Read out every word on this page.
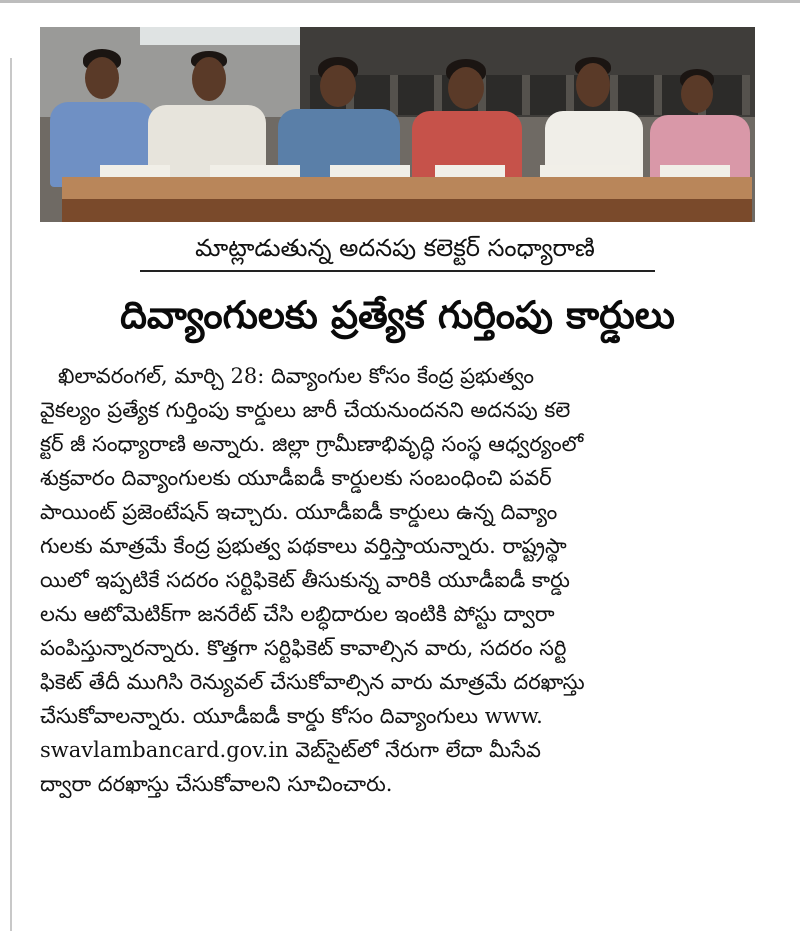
మాట్లాడుతున్న అదనపు కలెక్టర్ సంధ్యారాణి
దివ్యాంగులకు ప్రత్యేక గుర్తింపు కార్డులు
ఖిలావరంగల్, మార్చి 28: దివ్యాంగుల కోసం కేంద్ర ప్రభుత్వం
వైకల్యం ప్రత్యేక గుర్తింపు కార్డులు జారీ చేయనుందనని అదనపు కలె
క్టర్ జీ సంధ్యారాణి అన్నారు. జిల్లా గ్రామీణాభివృద్ధి సంస్థ ఆధ్వర్యంలో
శుక్రవారం దివ్యాంగులకు యూడీఐడీ కార్డులకు సంబంధించి పవర్
పాయింట్ ప్రజెంటేషన్ ఇచ్చారు. యూడీఐడీ కార్డులు ఉన్న దివ్యాం
గులకు మాత్రమే కేంద్ర ప్రభుత్వ పథకాలు వర్తిస్తాయన్నారు. రాష్ట్రస్థా
యిలో ఇప్పటికే సదరం సర్టిఫికెట్ తీసుకున్న వారికి యూడీఐడీ కార్డు
లను ఆటోమెటిక్‌గా జనరేట్ చేసి లబ్ధిదారుల ఇంటికి పోస్టు ద్వారా
పంపిస్తున్నారన్నారు. కొత్తగా సర్టిఫికెట్ కావాల్సిన వారు, సదరం సర్టి
ఫికెట్ తేదీ ముగిసి రెన్యువల్ చేసుకోవాల్సిన వారు మాత్రమే దరఖాస్తు
చేసుకోవాలన్నారు. యూడీఐడీ కార్డు కోసం దివ్యాంగులు www.
swavlambancard.gov.in వెబ్‌సైట్‌లో నేరుగా లేదా మీసేవ
ద్వారా దరఖాస్తు చేసుకోవాలని సూచించారు.
